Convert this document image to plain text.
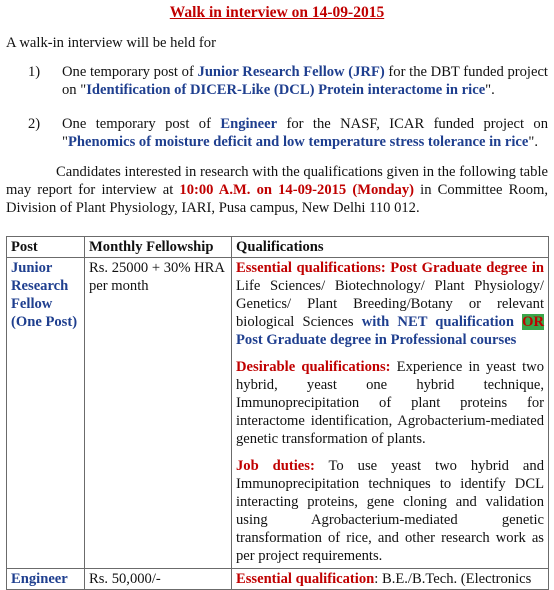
Walk in interview on 14-09-2015
A walk-in interview will be held for
1) One temporary post of Junior Research Fellow (JRF) for the DBT funded project on "Identification of DICER-Like (DCL) Protein interactome in rice".
2) One temporary post of Engineer for the NASF, ICAR funded project on "Phenomics of moisture deficit and low temperature stress tolerance in rice".
Candidates interested in research with the qualifications given in the following table may report for interview at 10:00 A.M. on 14-09-2015 (Monday) in Committee Room, Division of Plant Physiology, IARI, Pusa campus, New Delhi 110 012.
Post	Monthly Fellowship	Qualifications
Junior Research Fellow (One Post)	Rs. 25000 + 30% HRA per month	Essential qualifications: Post Graduate degree in Life Sciences/ Biotechnology/ Plant Physiology/ Genetics/ Plant Breeding/Botany or relevant biological Sciences with NET qualification OR Post Graduate degree in Professional courses
Desirable qualifications: Experience in yeast two hybrid, yeast one hybrid technique, Immunoprecipitation of plant proteins for interactome identification, Agrobacterium-mediated genetic transformation of plants.
Job duties: To use yeast two hybrid and Immunoprecipitation techniques to identify DCL interacting proteins, gene cloning and validation using Agrobacterium-mediated genetic transformation of rice, and other research work as per project requirements.

Engineer	Rs. 50,000/-	Essential qualification: B.E./B.Tech. (Electronics
